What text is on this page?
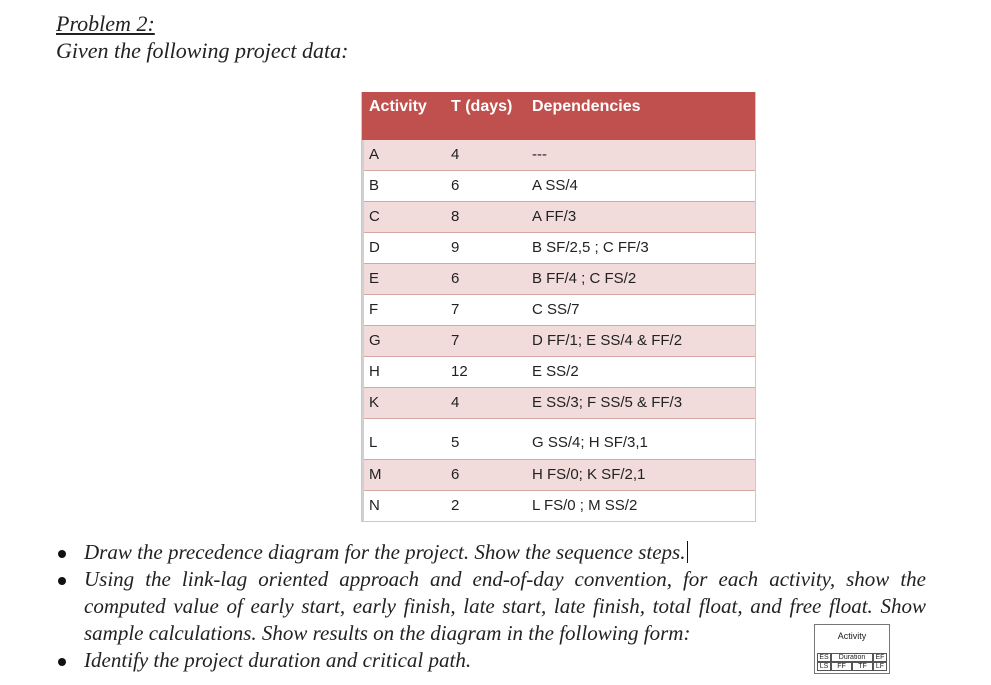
Problem 2:
Given the following project data:
Activity T (days) Dependencies
A	4	---
B	6	A SS/4
C	8	A FF/3
D	9	B SF/2,5 ; C FF/3
E	6	B FF/4 ; C FS/2
F	7	C SS/7
G	7	D FF/1; E SS/4 & FF/2
H	12	E SS/2
K	4	E SS/3; F SS/5 & FF/3
L	5	G SS/4; H SF/3,1
M	6	H FS/0; K SF/2,1
N	2	L FS/0 ; M SS/2
Draw the precedence diagram for the project. Show the sequence steps.
Using the link-lag oriented approach and end-of-day convention, for each activity, show the computed value of early start, early finish, late start, late finish, total float, and free float. Show sample calculations. Show results on the diagram in the following form:
Identify the project duration and critical path.
Activity
ES	Duration	EF
LS	FF	TF	LF
